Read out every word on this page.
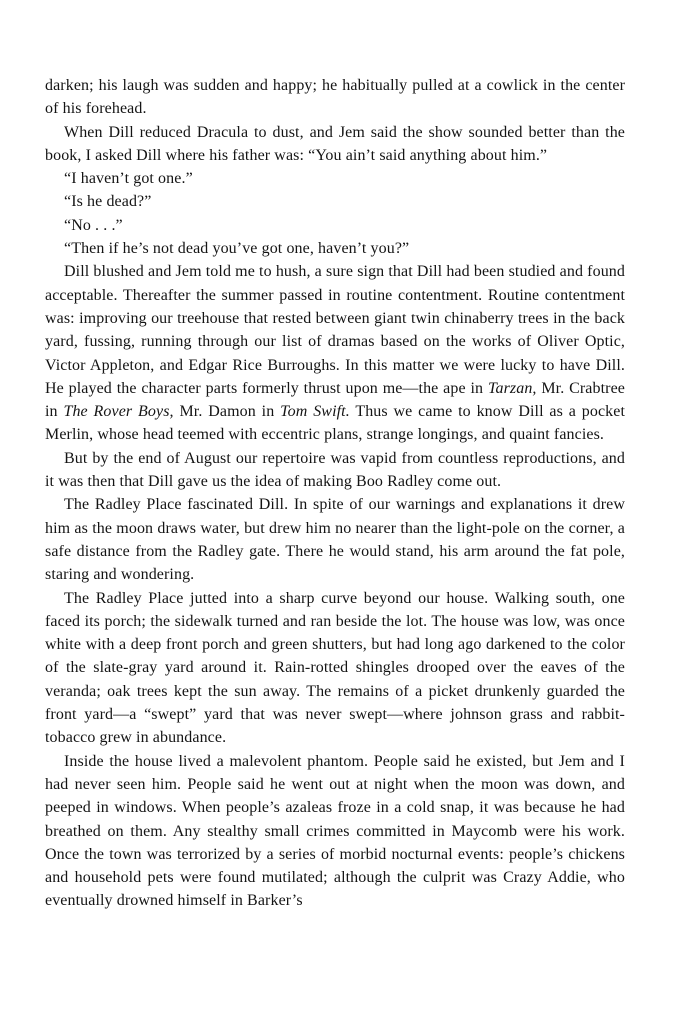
darken; his laugh was sudden and happy; he habitually pulled at a cowlick in the center of his forehead.

When Dill reduced Dracula to dust, and Jem said the show sounded better than the book, I asked Dill where his father was: “You ain’t said anything about him.”

“I haven’t got one.”

“Is he dead?”

“No . . .”

“Then if he’s not dead you’ve got one, haven’t you?”

Dill blushed and Jem told me to hush, a sure sign that Dill had been studied and found acceptable. Thereafter the summer passed in routine contentment. Routine contentment was: improving our treehouse that rested between giant twin chinaberry trees in the back yard, fussing, running through our list of dramas based on the works of Oliver Optic, Victor Appleton, and Edgar Rice Burroughs. In this matter we were lucky to have Dill. He played the character parts formerly thrust upon me—the ape in Tarzan, Mr. Crabtree in The Rover Boys, Mr. Damon in Tom Swift. Thus we came to know Dill as a pocket Merlin, whose head teemed with eccentric plans, strange longings, and quaint fancies.

But by the end of August our repertoire was vapid from countless reproductions, and it was then that Dill gave us the idea of making Boo Radley come out.

The Radley Place fascinated Dill. In spite of our warnings and explanations it drew him as the moon draws water, but drew him no nearer than the light-pole on the corner, a safe distance from the Radley gate. There he would stand, his arm around the fat pole, staring and wondering.

The Radley Place jutted into a sharp curve beyond our house. Walking south, one faced its porch; the sidewalk turned and ran beside the lot. The house was low, was once white with a deep front porch and green shutters, but had long ago darkened to the color of the slate-gray yard around it. Rain-rotted shingles drooped over the eaves of the veranda; oak trees kept the sun away. The remains of a picket drunkenly guarded the front yard—a “swept” yard that was never swept—where johnson grass and rabbit-tobacco grew in abundance.

Inside the house lived a malevolent phantom. People said he existed, but Jem and I had never seen him. People said he went out at night when the moon was down, and peeped in windows. When people’s azaleas froze in a cold snap, it was because he had breathed on them. Any stealthy small crimes committed in Maycomb were his work. Once the town was terrorized by a series of morbid nocturnal events: people’s chickens and household pets were found mutilated; although the culprit was Crazy Addie, who eventually drowned himself in Barker’s
